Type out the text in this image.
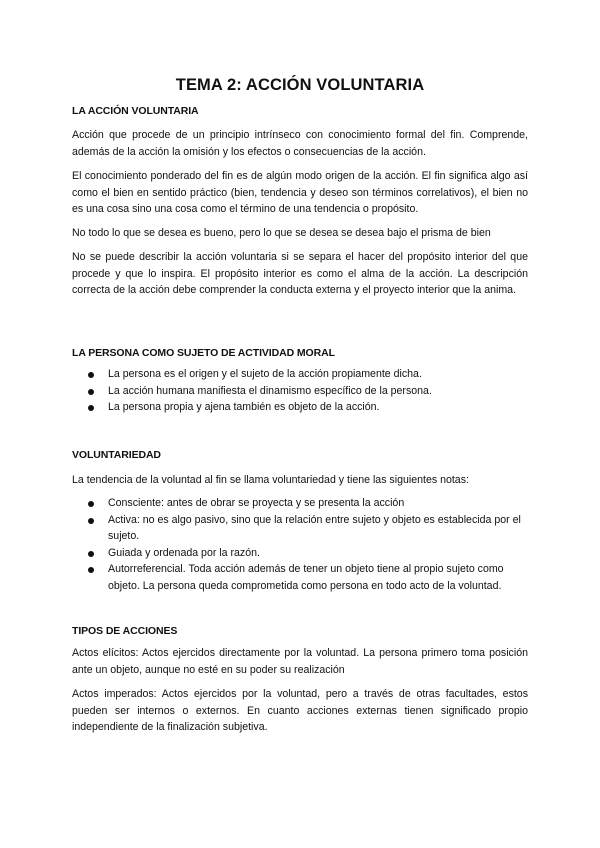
TEMA 2: ACCIÓN VOLUNTARIA
LA ACCIÓN VOLUNTARIA

Acción que procede de un principio intrínseco con conocimiento formal del fin. Comprende, además de la acción la omisión y los efectos o consecuencias de la acción.

El conocimiento ponderado del fin es de algún modo origen de la acción. El fin significa algo así como el bien en sentido práctico (bien, tendencia y deseo son términos correlativos), el bien no es una cosa sino una cosa como el término de una tendencia o propósito.

No todo lo que se desea es bueno, pero lo que se desea se desea bajo el prisma de bien

No se puede describir la acción voluntaria si se separa el hacer del propósito interior del que procede y que lo inspira. El propósito interior es como el alma de la acción. La descripción correcta de la acción debe comprender la conducta externa y el proyecto interior que la anima.

LA PERSONA COMO SUJETO DE ACTIVIDAD MORAL
La persona es el origen y el sujeto de la acción propiamente dicha.
La acción humana manifiesta el dinamismo específico de la persona.
La persona propia y ajena también es objeto de la acción.
VOLUNTARIEDAD

La tendencia de la voluntad al fin se llama voluntariedad y tiene las siguientes notas:

Consciente: antes de obrar se proyecta y se presenta la acción
Activa: no es algo pasivo, sino que la relación entre sujeto y objeto es establecida por el sujeto.
Guiada y ordenada por la razón.
Autorreferencial. Toda acción además de tener un objeto tiene al propio sujeto como objeto. La persona queda comprometida como persona en todo acto de la voluntad.
TIPOS DE ACCIONES

Actos elícitos: Actos ejercidos directamente por la voluntad. La persona primero toma posición ante un objeto, aunque no esté en su poder su realización

Actos imperados: Actos ejercidos por la voluntad, pero a través de otras facultades, estos pueden ser internos o externos. En cuanto acciones externas tienen significado propio independiente de la finalización subjetiva.
